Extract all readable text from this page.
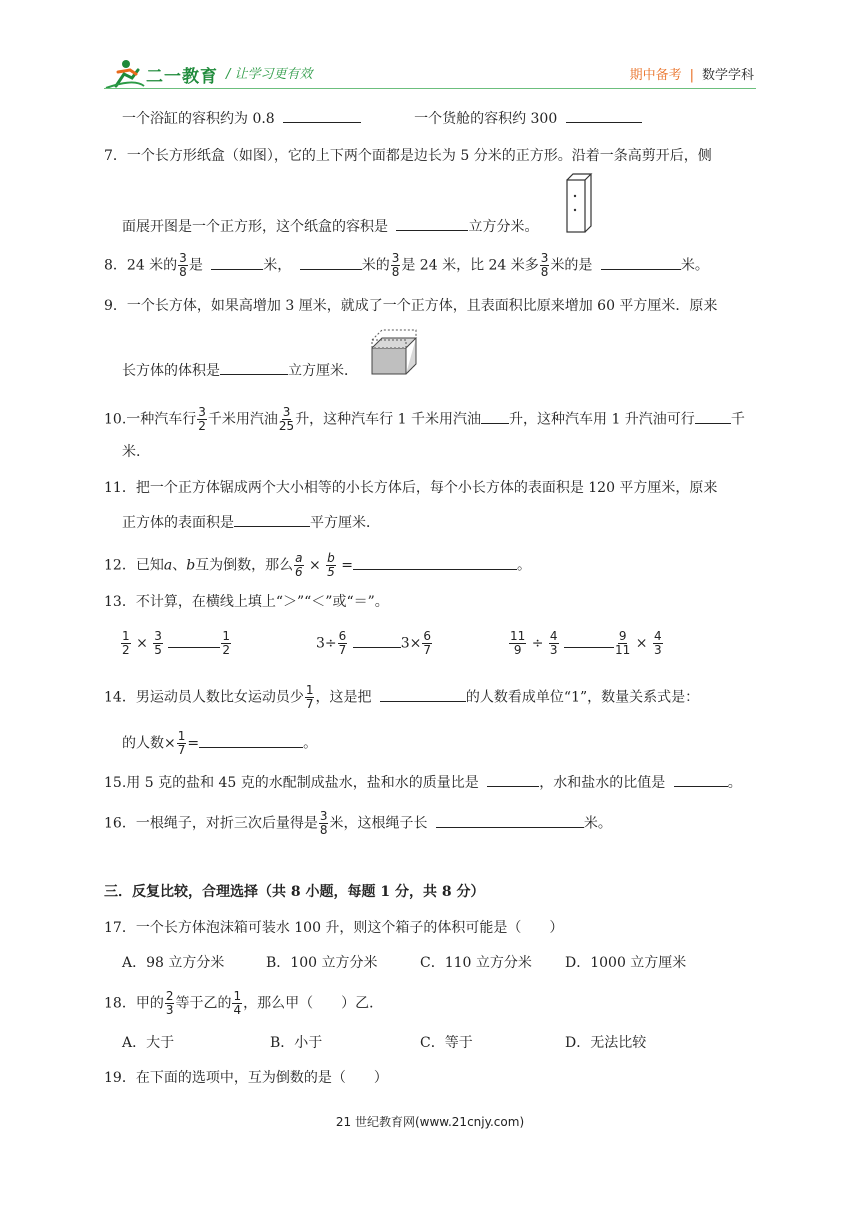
二一教育 / 让学习更有效	期中备考 | 数学学科
一个浴缸的容积约为 0.8	一个货舱的容积约 300
7．一个长方形纸盒（如图），它的上下两个面都是边长为 5 分米的正方形。沿着一条高剪开后，侧
面展开图是一个正方形，这个纸盒的容积是	立方分米。
8．24 米的 $\frac{3}{8}$ 是	米，	米的 $\frac{3}{8}$ 是 24 米，比 24 米多 $\frac{3}{8}$ 米的是	米。
9．一个长方体，如果高增加 3 厘米，就成了一个正方体，且表面积比原来增加 60 平方厘米．原来
长方体的体积是	立方厘米．
10.一种汽车行 $\frac{3}{2}$ 千米用汽油 $\frac{3}{25}$ 升，这种汽车行 1 千米用汽油 升，这种汽车用 1 升汽油可行	千
米.
11．把一个正方体锯成两个大小相等的小长方体后，每个小长方体的表面积是 120 平方厘米，原来
正方体的表面积是	平方厘米．
12．已知a、b互为倒数，那么 $\frac{a}{6} \times \frac{b}{5}$ =	。
13．不计算，在横线上填上“＞”“＜”或“＝”。
$\frac{1}{2} \times \frac{3}{5}$
	$\frac{1}{2}$	$3\div \frac{6}{7}$	$3\times \frac{6}{7}$	$\frac{11}{9} \div \frac{4}{3}$
	$\frac{9}{11} \times \frac{4}{3}$
14．男运动员人数比女运动员少 $\frac{1}{7}$ ，这是把	的人数看成单位“1”，数量关系式是：
的人数× $\frac{1}{7}$ =	。
15.用 5 克的盐和 45 克的水配制成盐水，盐和水的质量比是	，水和盐水的比值是	。
16．一根绳子，对折三次后量得是 $\frac{3}{8}$ 米，这根绳子长	米。
三．反复比较，合理选择（共 8 小题，每题 1 分，共 8 分）
17．一个长方体泡沫箱可装水 100 升，则这个箱子的体积可能是（　　）
A．98 立方分米	B．100 立方分米	C．110 立方分米 D．1000 立方厘米
18．甲的 $\frac{2}{3}$ 等于乙的 $\frac{1}{4}$ ，那么甲（　　）乙．
A．大于	B．小于	C．等于	D．无法比较
19．在下面的选项中，互为倒数的是（　　）
21 世纪教育网(www.21cnjy.com)
